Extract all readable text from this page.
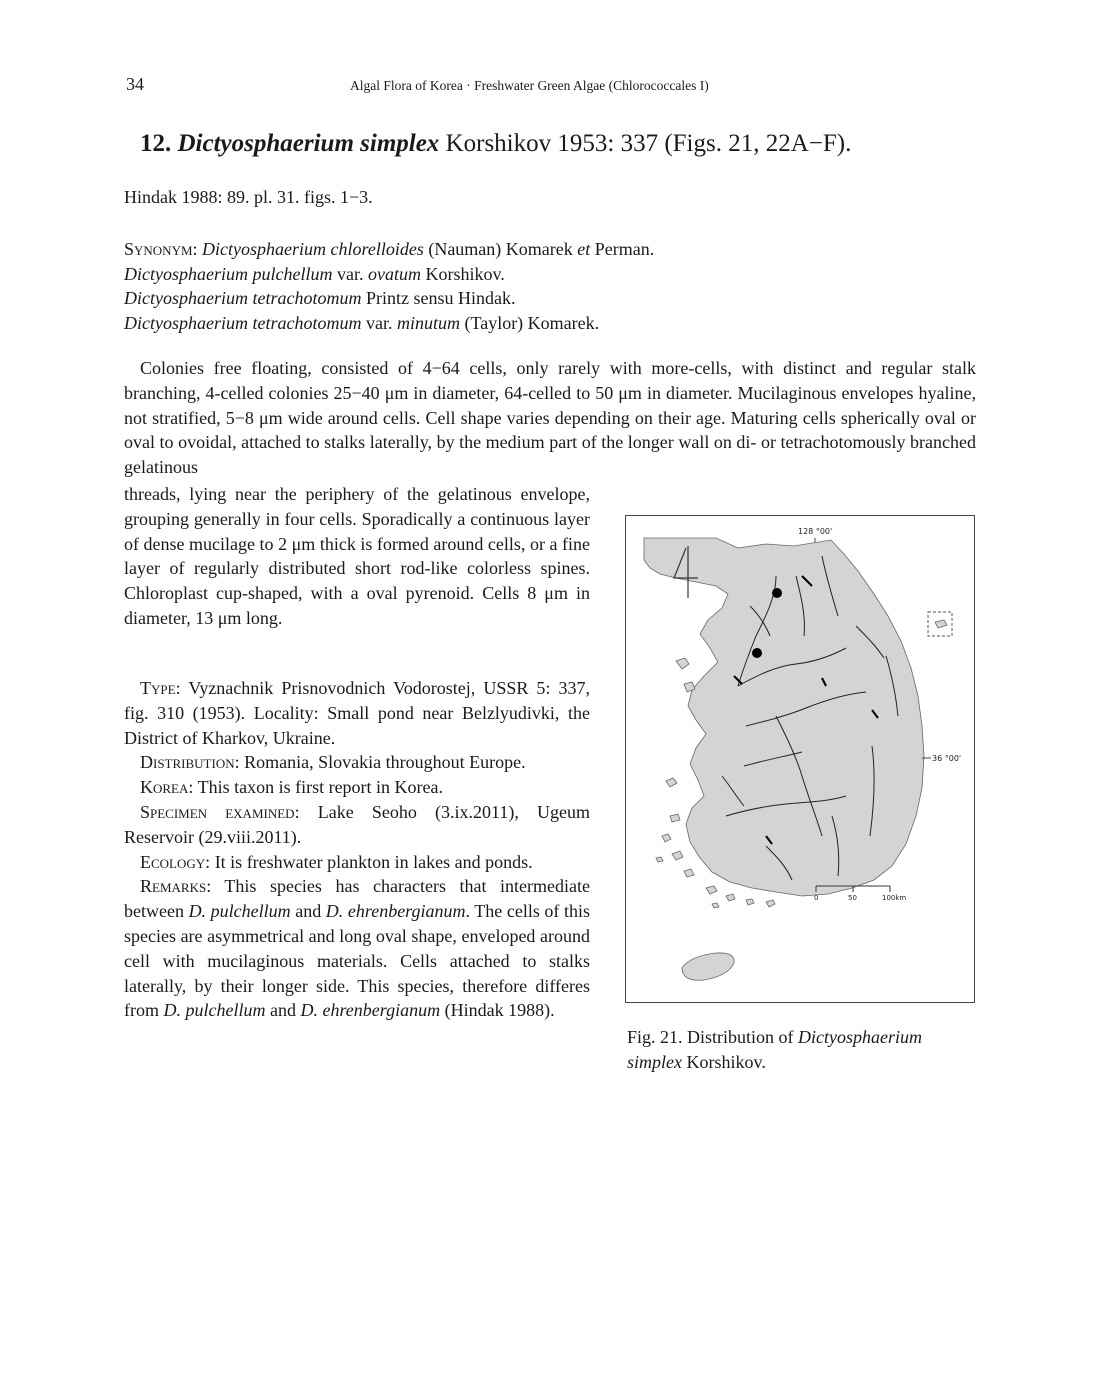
34	Algal Flora of Korea · Freshwater Green Algae (Chlorococcales I)
12. Dictyosphaerium simplex Korshikov 1953: 337 (Figs. 21, 22A−F).
Hindak 1988: 89. pl. 31. figs. 1−3.
Synonym: Dictyosphaerium chlorelloides (Nauman) Komarek et Perman.
Dictyosphaerium pulchellum var. ovatum Korshikov.
Dictyosphaerium tetrachotomum Printz sensu Hindak.
Dictyosphaerium tetrachotomum var. minutum (Taylor) Komarek.
Colonies free floating, consisted of 4−64 cells, only rarely with more-cells, with distinct and regular stalk branching, 4-celled colonies 25−40 μm in diameter, 64-celled to 50 μm in diameter. Mucilaginous envelopes hyaline, not stratified, 5−8 μm wide around cells. Cell shape varies depending on their age. Maturing cells spherically oval or oval to ovoidal, attached to stalks laterally, by the medium part of the longer wall on di- or tetrachotomously branched gelatinous

threads, lying near the periphery of the gelatinous envelope, grouping generally in four cells. Sporadically a continuous layer of dense mucilage to 2 μm thick is formed around cells, or a fine layer of regularly distributed short rod-like colorless spines. Chloroplast cup-shaped, with a oval pyrenoid. Cells 8 μm in diameter, 13 μm long.

Type: Vyznachnik Prisnovodnich Vodorostej, USSR 5: 337, fig. 310 (1953). Locality: Small pond near Belzlyudivki, the District of Kharkov, Ukraine.

Distribution: Romania, Slovakia throughout Europe.

Korea: This taxon is first report in Korea.

Specimen examined: Lake Seoho (3.ix.2011), Ugeum Reservoir (29.viii.2011).

Ecology: It is freshwater plankton in lakes and ponds.

Remarks: This species has characters that intermediate between D. pulchellum and D. ehrenbergianum. The cells of this species are asymmetrical and long oval shape, enveloped around cell with mucilaginous materials. Cells attached to stalks laterally, by their longer side. This species, therefore differes from D. pulchellum and D. ehrenbergianum (Hindak 1988).

128 °00'
4
36 °00'
0	50	100km
Fig. 21. Distribution of Dictyosphaerium simplex Korshikov.
